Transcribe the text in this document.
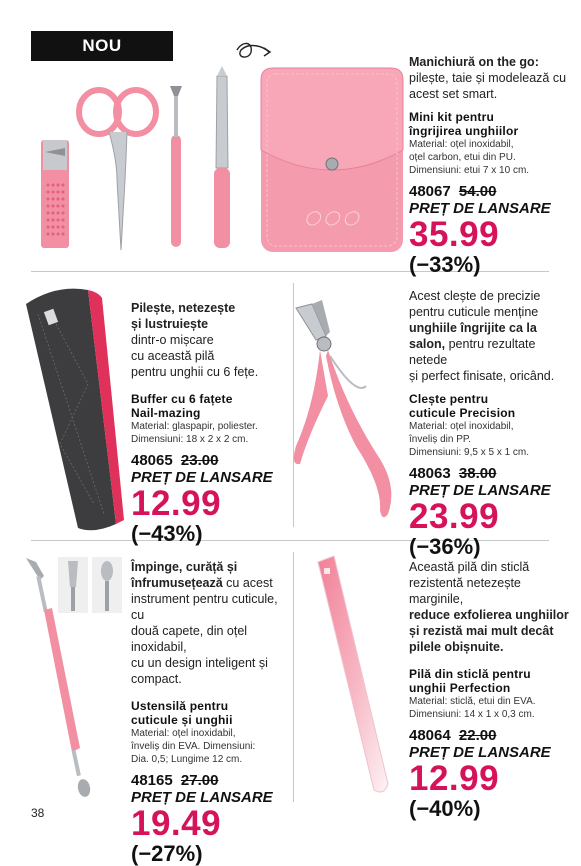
NOU
◯ ◯ ◯
Manichiură on the go:
pilește, taie și modelează cu acest set smart.
Mini kit pentru
îngrijirea unghiilor
Material: oțel inoxidabil,
oțel carbon, etui din PU.
Dimensiuni: etui 7 x 10 cm.
48067 54.00
PREȚ DE LANSARE
35.99
(−33%)
Pilește, netezește
și lustruiește
dintr-o mișcare
cu această pilă
pentru unghii cu 6 fețe.
Buffer cu 6 fațete
Nail-mazing
Material: glaspapir, poliester.
Dimensiuni: 18 x 2 x 2 cm.
48065 23.00
PREȚ DE LANSARE
12.99
(−43%)
Acest clește de precizie
pentru cuticule menține
unghiile îngrijite ca la
salon, pentru rezultate netede
și perfect finisate, oricând.
Clește pentru
cuticule Precision
Material: oțel inoxidabil,
înveliș din PP.
Dimensiuni: 9,5 x 5 x 1 cm.
48063 38.00
PREȚ DE LANSARE
23.99
(−36%)
Împinge, curăță și
înfrumusețează cu acest
instrument pentru cuticule, cu
două capete, din oțel inoxidabil,
cu un design inteligent și compact.
Ustensilă pentru
cuticule și unghii
Material: oțel inoxidabil,
înveliș din EVA. Dimensiuni:
Dia. 0,5; Lungime 12 cm.
48165 27.00
PREȚ DE LANSARE
19.49
(−27%)
Această pilă din sticlă
rezistentă netezește marginile,
reduce exfolierea unghiilor
și rezistă mai mult decât
pilele obișnuite.
Pilă din sticlă pentru
unghii Perfection
Material: sticlă, etui din EVA.
Dimensiuni: 14 x 1 x 0,3 cm.
48064 22.00
PREȚ DE LANSARE
12.99
(−40%)
38
